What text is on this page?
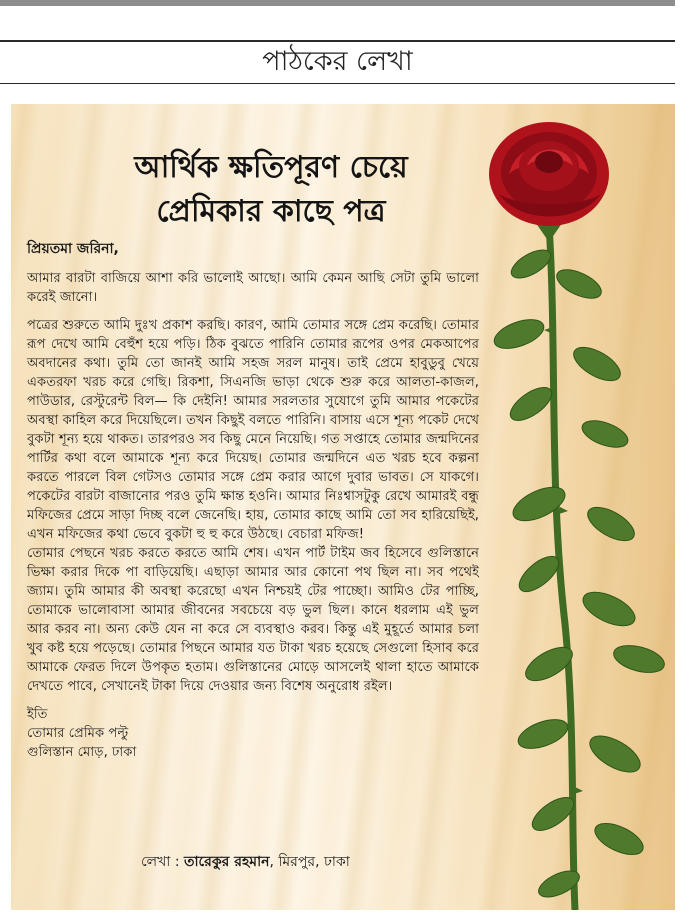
পাঠকের লেখা
আর্থিক ক্ষতিপূরণ চেয়ে
প্রেমিকার কাছে পত্র

প্রিয়তমা জরিনা,

আমার বারটা বাজিয়ে আশা করি ভালোই আছো। আমি কেমন আছি সেটা তুমি ভালো করেই জানো।

পত্রের শুরুতে আমি দুঃখ প্রকাশ করছি। কারণ, আমি তোমার সঙ্গে প্রেম করেছি। তোমার রূপ দেখে আমি বেহুঁশ হয়ে পড়ি। ঠিক বুঝতে পারিনি তোমার রূপের ওপর মেকআপের অবদানের কথা। তুমি তো জানই আমি সহজ সরল মানুষ। তাই প্রেমে হাবুডুবু খেয়ে একতরফা খরচ করে গেছি। রিকশা, সিএনজি ভাড়া থেকে শুরু করে আলতা-কাজল, পাউডার, রেস্টুরেন্ট বিল— কি দেইনি! আমার সরলতার সুযোগে তুমি আমার পকেটের অবস্থা কাহিল করে দিয়েছিলে। তখন কিছুই বলতে পারিনি। বাসায় এসে শূন্য পকেট দেখে বুকটা শূন্য হয়ে থাকত। তারপরও সব কিছু মেনে নিয়েছি। গত সপ্তাহে তোমার জন্মদিনের পার্টির কথা বলে আমাকে শূন্য করে দিয়েছ। তোমার জন্মদিনে এত খরচ হবে কল্পনা করতে পারলে বিল গেটসও তোমার সঙ্গে প্রেম করার আগে দুবার ভাবত। সে যাকগে। পকেটের বারটা বাজানোর পরও তুমি ক্ষান্ত হওনি। আমার নিঃশ্বাসটুকু রেখে আমারই বন্ধু মফিজের প্রেমে সাড়া দিচ্ছ বলে জেনেছি। হায়, তোমার কাছে আমি তো সব হারিয়েছিই, এখন মফিজের কথা ভেবে বুকটা হু হু করে উঠছে। বেচারা মফিজ!

তোমার পেছনে খরচ করতে করতে আমি শেষ। এখন পার্ট টাইম জব হিসেবে গুলিস্তানে ভিক্ষা করার দিকে পা বাড়িয়েছি। এছাড়া আমার আর কোনো পথ ছিল না। সব পথেই জ্যাম। তুমি আমার কী অবস্থা করেছো এখন নিশ্চয়ই টের পাচ্ছো। আমিও টের পাচ্ছি, তোমাকে ভালোবাসা আমার জীবনের সবচেয়ে বড় ভুল ছিল। কানে ধরলাম এই ভুল আর করব না। অন্য কেউ যেন না করে সে ব্যবস্থাও করব। কিন্তু এই মুহূর্তে আমার চলা খুব কষ্ট হয়ে পড়েছে। তোমার পিছনে আমার যত টাকা খরচ হয়েছে সেগুলো হিসাব করে আমাকে ফেরত দিলে উপকৃত হতাম। গুলিস্তানের মোড়ে আসলেই থালা হাতে আমাকে দেখতে পাবে, সেখানেই টাকা দিয়ে দেওয়ার জন্য বিশেষ অনুরোধ রইল।

ইতি
তোমার প্রেমিক পল্টু
গুলিস্তান মোড়, ঢাকা
লেখা : তারেকুর রহমান, মিরপুর, ঢাকা
